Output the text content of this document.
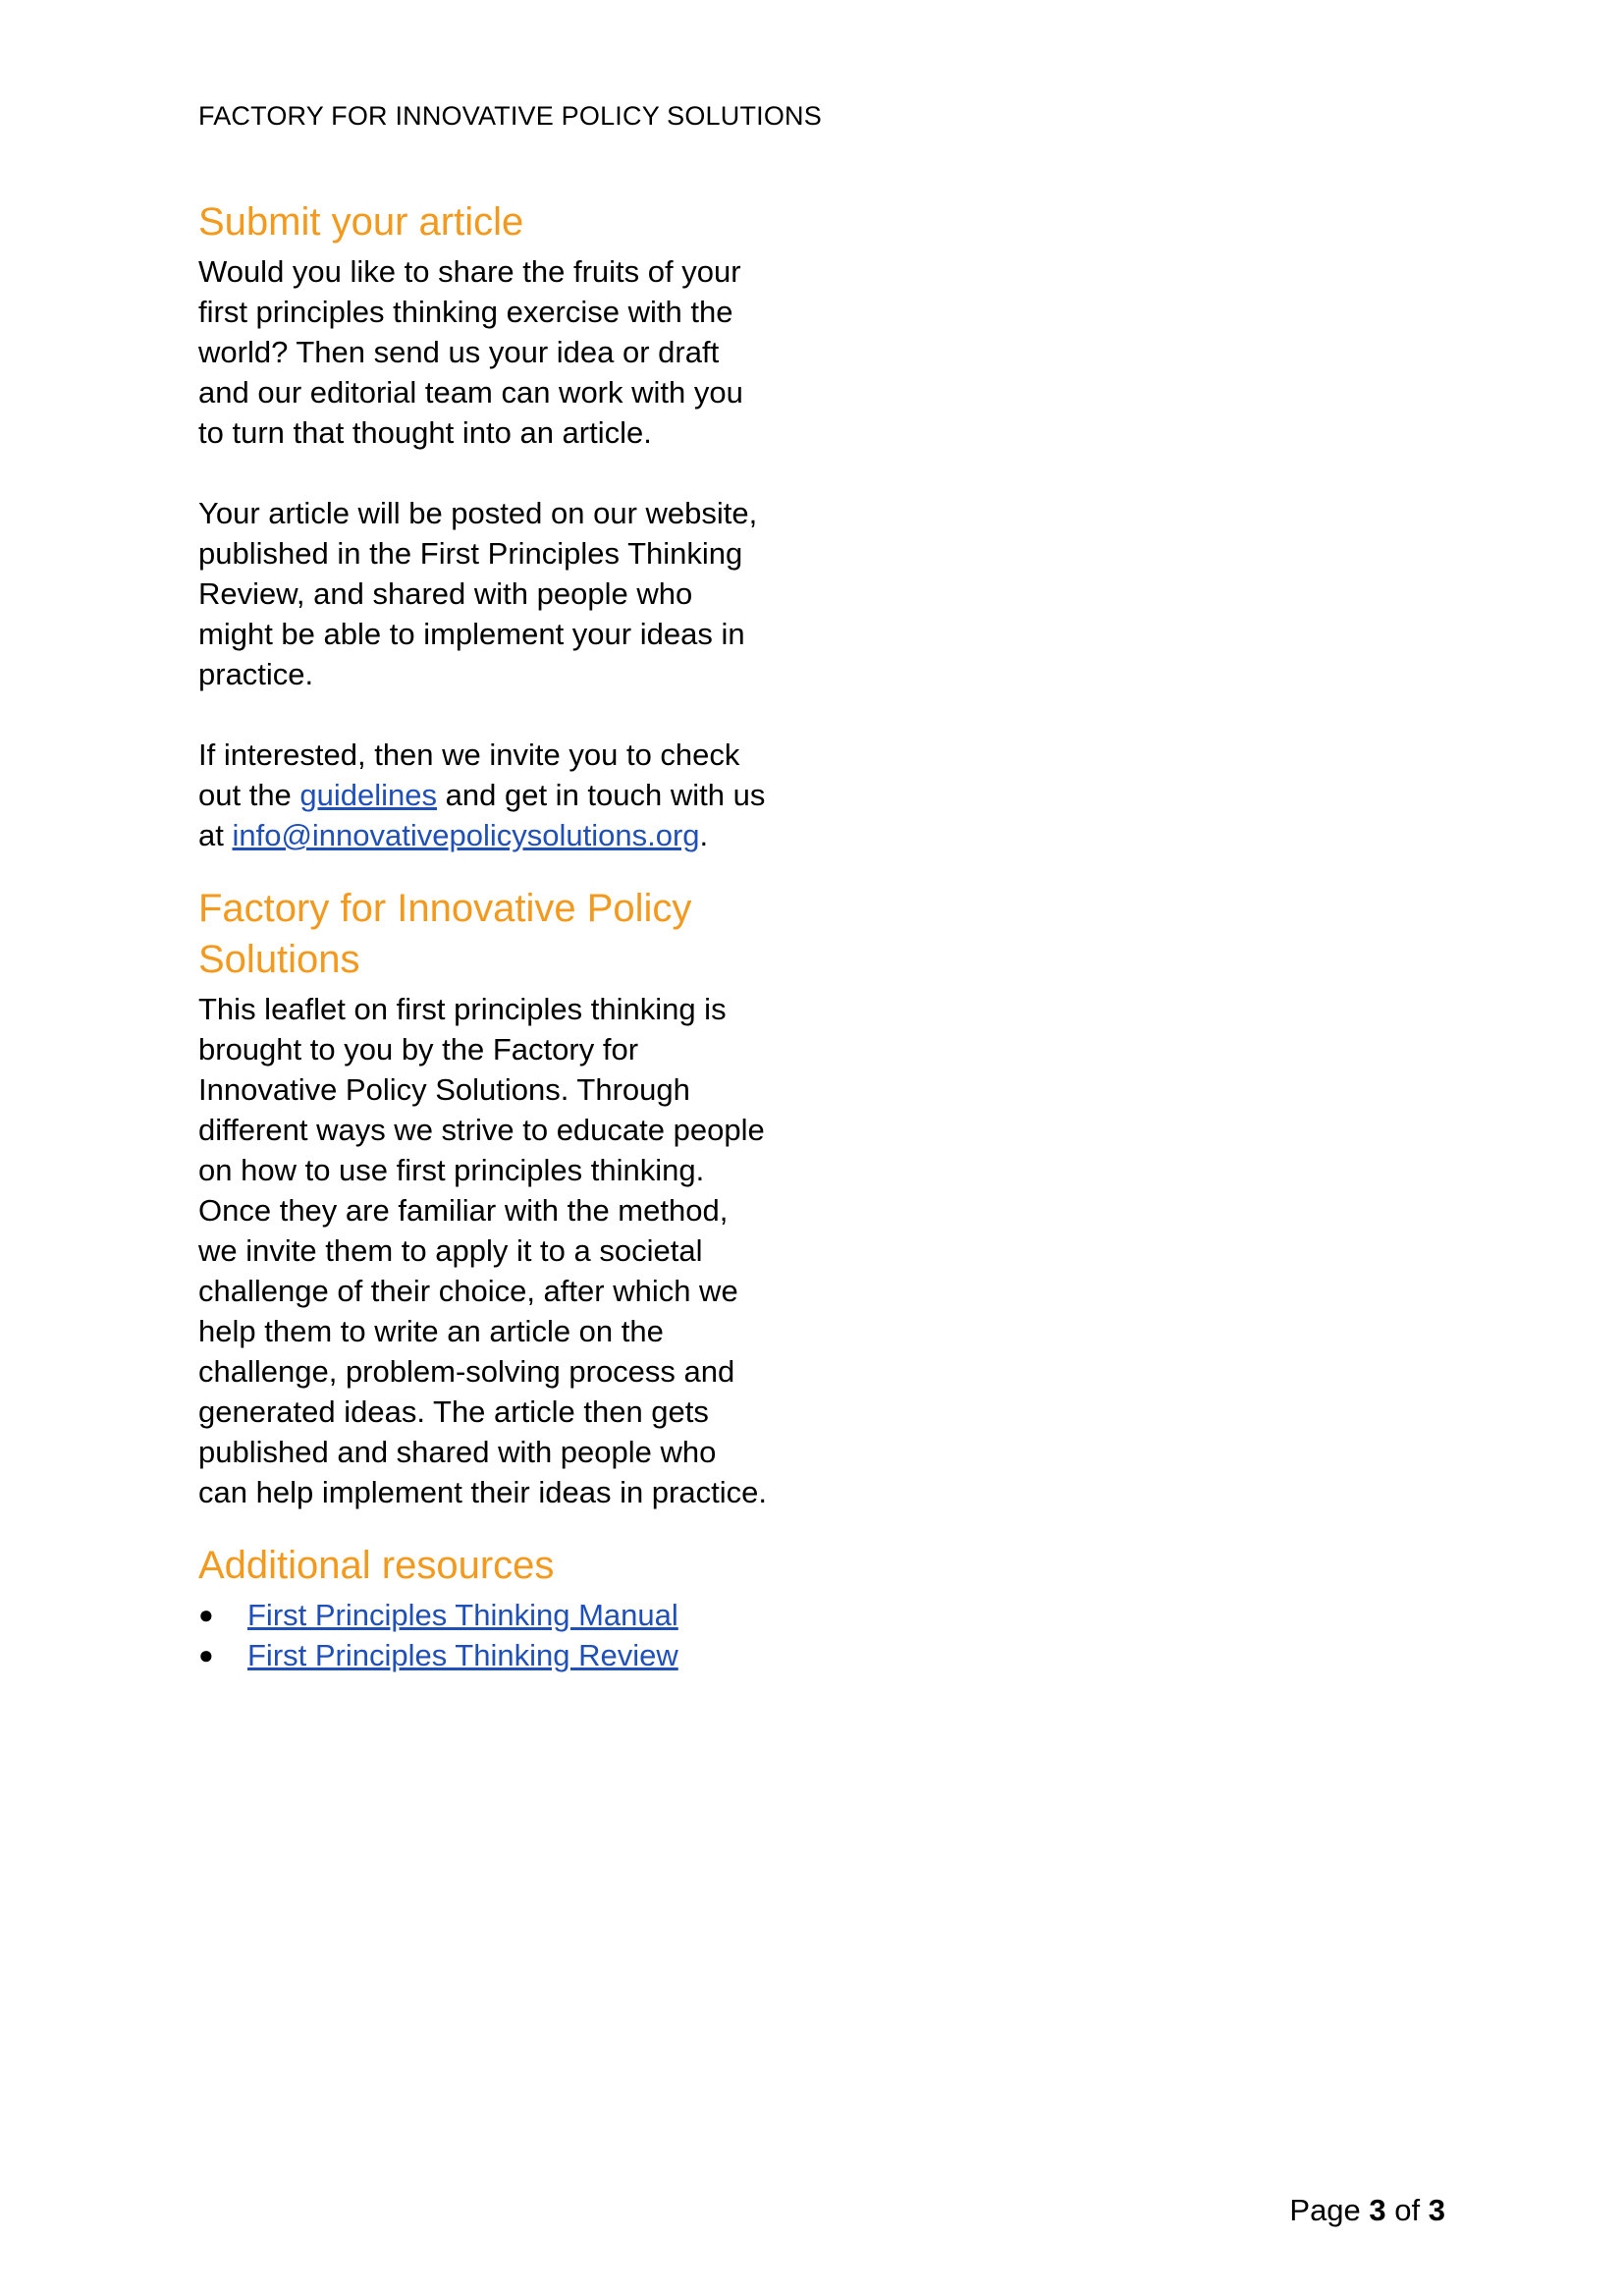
FACTORY FOR INNOVATIVE POLICY SOLUTIONS
Submit your article

Would you like to share the fruits of your
first principles thinking exercise with the
world? Then send us your idea or draft
and our editorial team can work with you
to turn that thought into an article.

Your article will be posted on our website,
published in the First Principles Thinking
Review, and shared with people who
might be able to implement your ideas in
practice.

If interested, then we invite you to check
out the guidelines and get in touch with us
at info@innovativepolicysolutions.org.

Factory for Innovative Policy
Solutions

This leaflet on first principles thinking is
brought to you by the Factory for
Innovative Policy Solutions. Through
different ways we strive to educate people
on how to use first principles thinking.
Once they are familiar with the method,
we invite them to apply it to a societal
challenge of their choice, after which we
help them to write an article on the
challenge, problem-solving process and
generated ideas. The article then gets
published and shared with people who
can help implement their ideas in practice.

Additional resources
● First Principles Thinking Manual
● First Principles Thinking Review
Page 3 of 3
